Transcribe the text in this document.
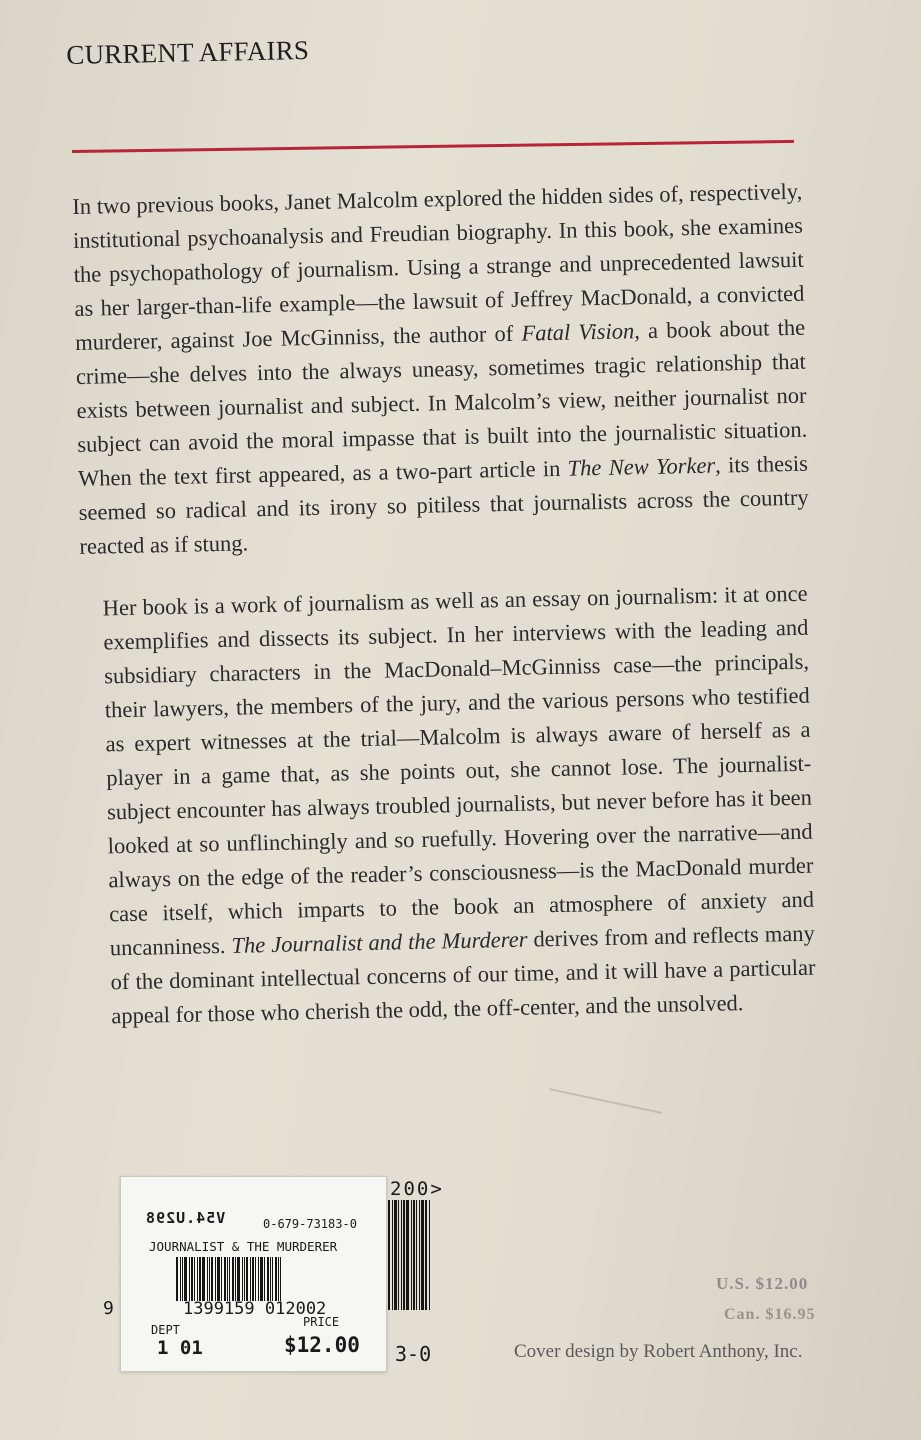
CURRENT AFFAIRS

In two previous books, Janet Malcolm explored the hidden sides of, respectively, institutional psychoanalysis and Freudian biography. In this book, she examines the psychopathology of journalism. Using a strange and unprecedented lawsuit as her larger-than-life example—the lawsuit of Jeffrey MacDonald, a convicted murderer, against Joe McGinniss, the author of Fatal Vision, a book about the crime—she delves into the always uneasy, sometimes tragic relationship that exists between journalist and subject. In Malcolm’s view, neither journalist nor subject can avoid the moral impasse that is built into the journalistic situation. When the text first appeared, as a two-part article in The New Yorker, its thesis seemed so radical and its irony so pitiless that journalists across the country reacted as if stung.

Her book is a work of journalism as well as an essay on journalism: it at once exemplifies and dissects its subject. In her interviews with the leading and subsidiary characters in the MacDonald–McGinniss case—the principals, their lawyers, the members of the jury, and the various persons who testified as expert witnesses at the trial—Malcolm is always aware of herself as a player in a game that, as she points out, she cannot lose. The journalist-subject encounter has always troubled journalists, but never before has it been looked at so unflinchingly and so ruefully. Hovering over the narrative—and always on the edge of the reader’s consciousness—is the MacDonald murder case itself, which imparts to the book an atmosphere of anxiety and uncanniness. The Journalist and the Murderer derives from and reflects many of the dominant intellectual concerns of our time, and it will have a particular appeal for those who cherish the odd, the off-center, and the unsolved.

200>
9
3-0
V54.U298	0-679-73183-0
JOURNALIST & THE MURDERER
1399159 012002
DEPT
PRICE
1 01	$12.00
U.S. $12.00
Can. $16.95
Cover design by Robert Anthony, Inc.
